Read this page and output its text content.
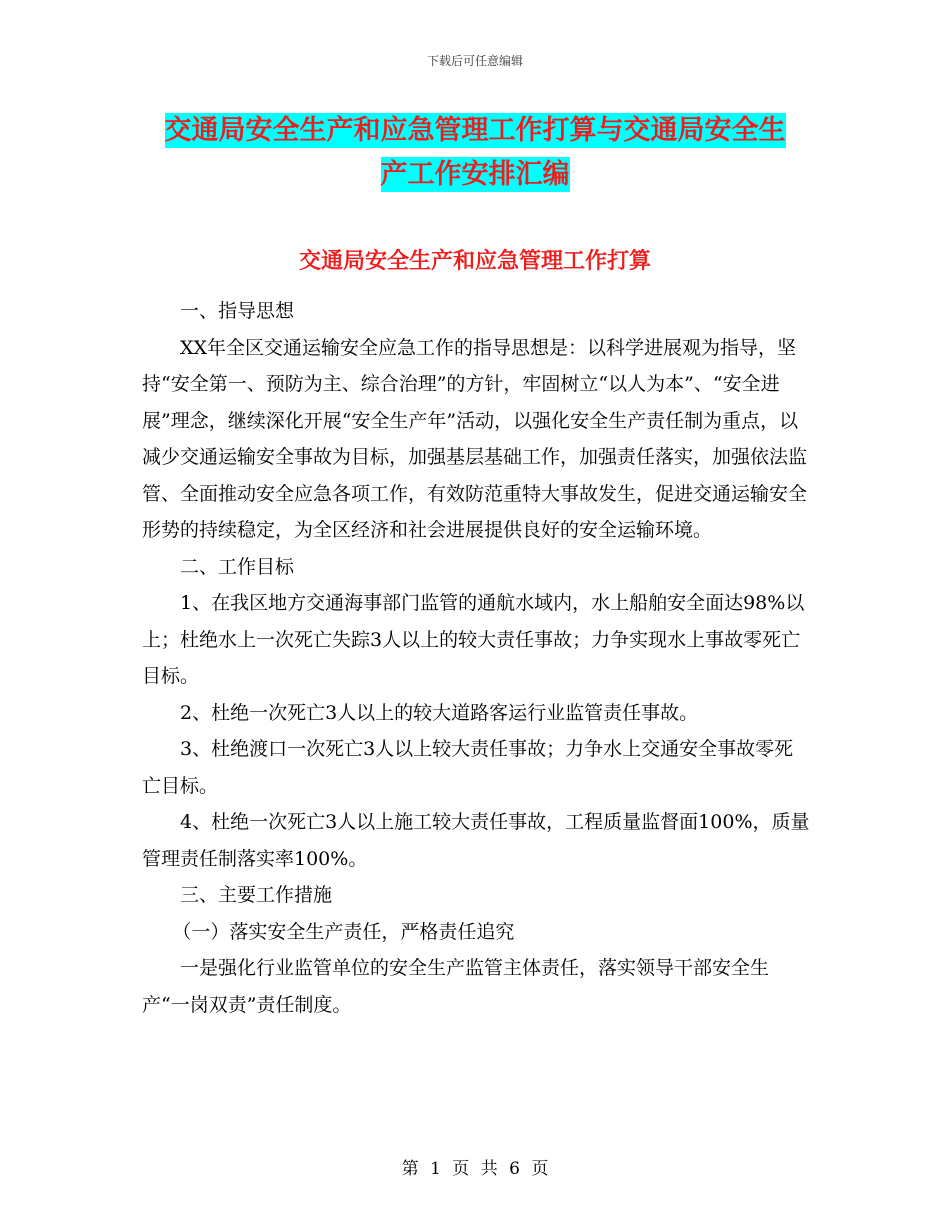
下载后可任意编辑
交通局安全生产和应急管理工作打算与交通局安全生
产工作安排汇编
交通局安全生产和应急管理工作打算

一、指导思想

XX年全区交通运输安全应急工作的指导思想是：以科学进展观为指导，坚持“安全第一、预防为主、综合治理”的方针，牢固树立“以人为本”、“安全进展”理念，继续深化开展“安全生产年”活动，以强化安全生产责任制为重点，以减少交通运输安全事故为目标，加强基层基础工作，加强责任落实，加强依法监管、全面推动安全应急各项工作，有效防范重特大事故发生，促进交通运输安全形势的持续稳定，为全区经济和社会进展提供良好的安全运输环境。

二、工作目标

1、在我区地方交通海事部门监管的通航水域内，水上船舶安全面达98%以上；杜绝水上一次死亡失踪3人以上的较大责任事故；力争实现水上事故零死亡目标。

2、杜绝一次死亡3人以上的较大道路客运行业监管责任事故。

3、杜绝渡口一次死亡3人以上较大责任事故；力争水上交通安全事故零死亡目标。

4、杜绝一次死亡3人以上施工较大责任事故，工程质量监督面100%，质量管理责任制落实率100%。

三、主要工作措施

（一）落实安全生产责任，严格责任追究

一是强化行业监管单位的安全生产监管主体责任，落实领导干部安全生产“一岗双责”责任制度。

第 1 页 共 6 页
